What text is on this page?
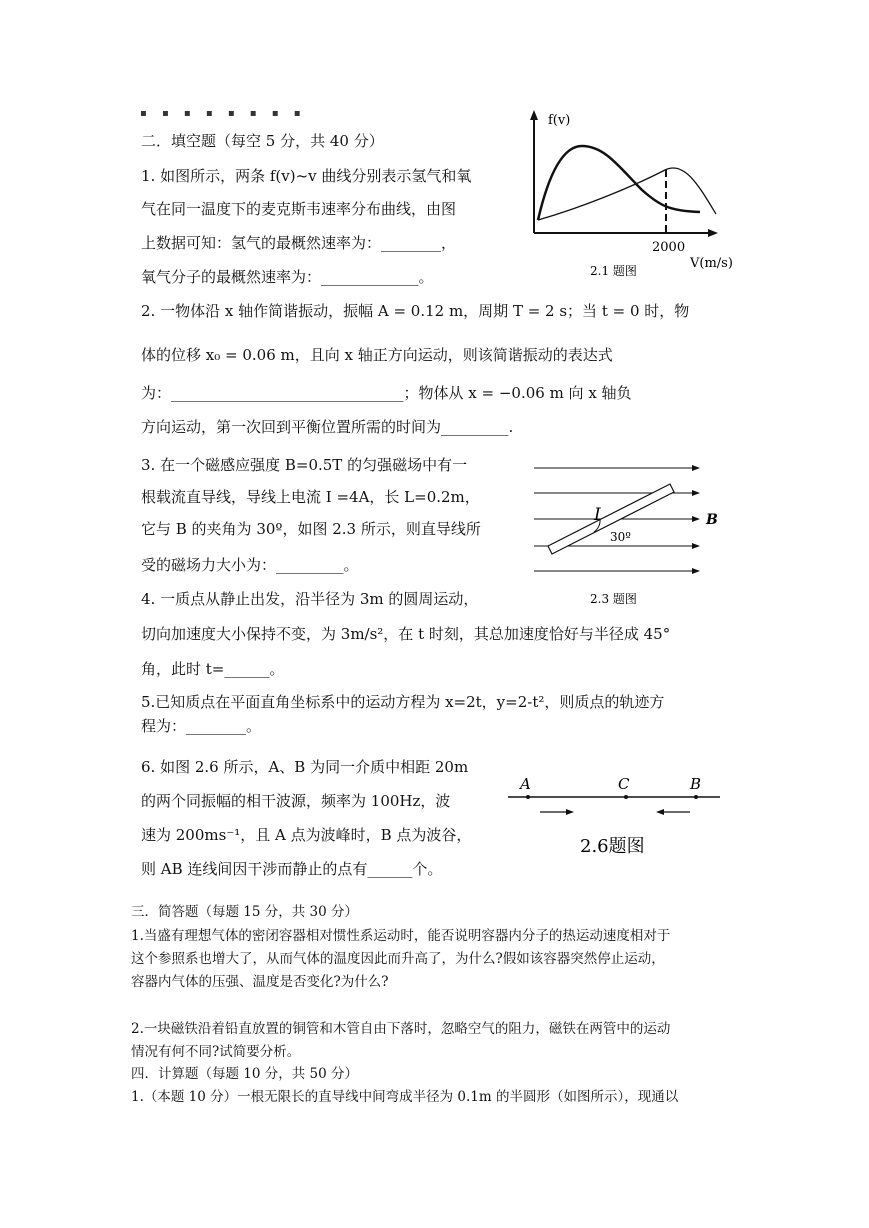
▪ ▪ ▪ ▪ ▪ ▪ ▪ ▪
二．填空题（每空 5 分，共 40 分）
1. 如图所示，两条 f(v)~v 曲线分别表示氢气和氧
气在同一温度下的麦克斯韦速率分布曲线，由图
上数据可知：氢气的最概然速率为：________，
氧气分子的最概然速率为：_____________。
f(v)
2000
V(m/s)
2.1 题图
2. 一物体沿 x 轴作简谐振动，振幅 A = 0.12 m，周期 T = 2 s；当 t = 0 时，物
体的位移 x₀ = 0.06 m，且向 x 轴正方向运动，则该简谐振动的表达式
为：_______________________________；物体从 x = −0.06 m 向 x 轴负
方向运动，第一次回到平衡位置所需的时间为_________.
3. 在一个磁感应强度 B=0.5T 的匀强磁场中有一
根载流直导线，导线上电流 I =4A，长 L=0.2m，
它与 B 的夹角为 30º，如图 2.3 所示，则直导线所
受的磁场力大小为：_________。
I
30º
B
2.3 题图
4. 一质点从静止出发，沿半径为 3m 的圆周运动，
切向加速度大小保持不变，为 3m/s²，在 t 时刻，其总加速度恰好与半径成 45°
角，此时 t=______。
5.已知质点在平面直角坐标系中的运动方程为 x=2t，y=2-t²，则质点的轨迹方
程为：________。
6. 如图 2.6 所示，A、B 为同一介质中相距 20m
的两个同振幅的相干波源，频率为 100Hz，波
速为 200ms⁻¹，且 A 点为波峰时，B 点为波谷，
则 AB 连线间因干涉而静止的点有______个。
A	C	B
2.6题图
三．简答题（每题 15 分，共 30 分）
1.当盛有理想气体的密闭容器相对惯性系运动时，能否说明容器内分子的热运动速度相对于
这个参照系也增大了，从而气体的温度因此而升高了，为什么?假如该容器突然停止运动，
容器内气体的压强、温度是否变化?为什么?
2.一块磁铁沿着铅直放置的铜管和木管自由下落时，忽略空气的阻力，磁铁在两管中的运动
情况有何不同?试简要分析。
四．计算题（每题 10 分，共 50 分）
1.（本题 10 分）一根无限长的直导线中间弯成半径为 0.1m 的半圆形（如图所示），现通以
